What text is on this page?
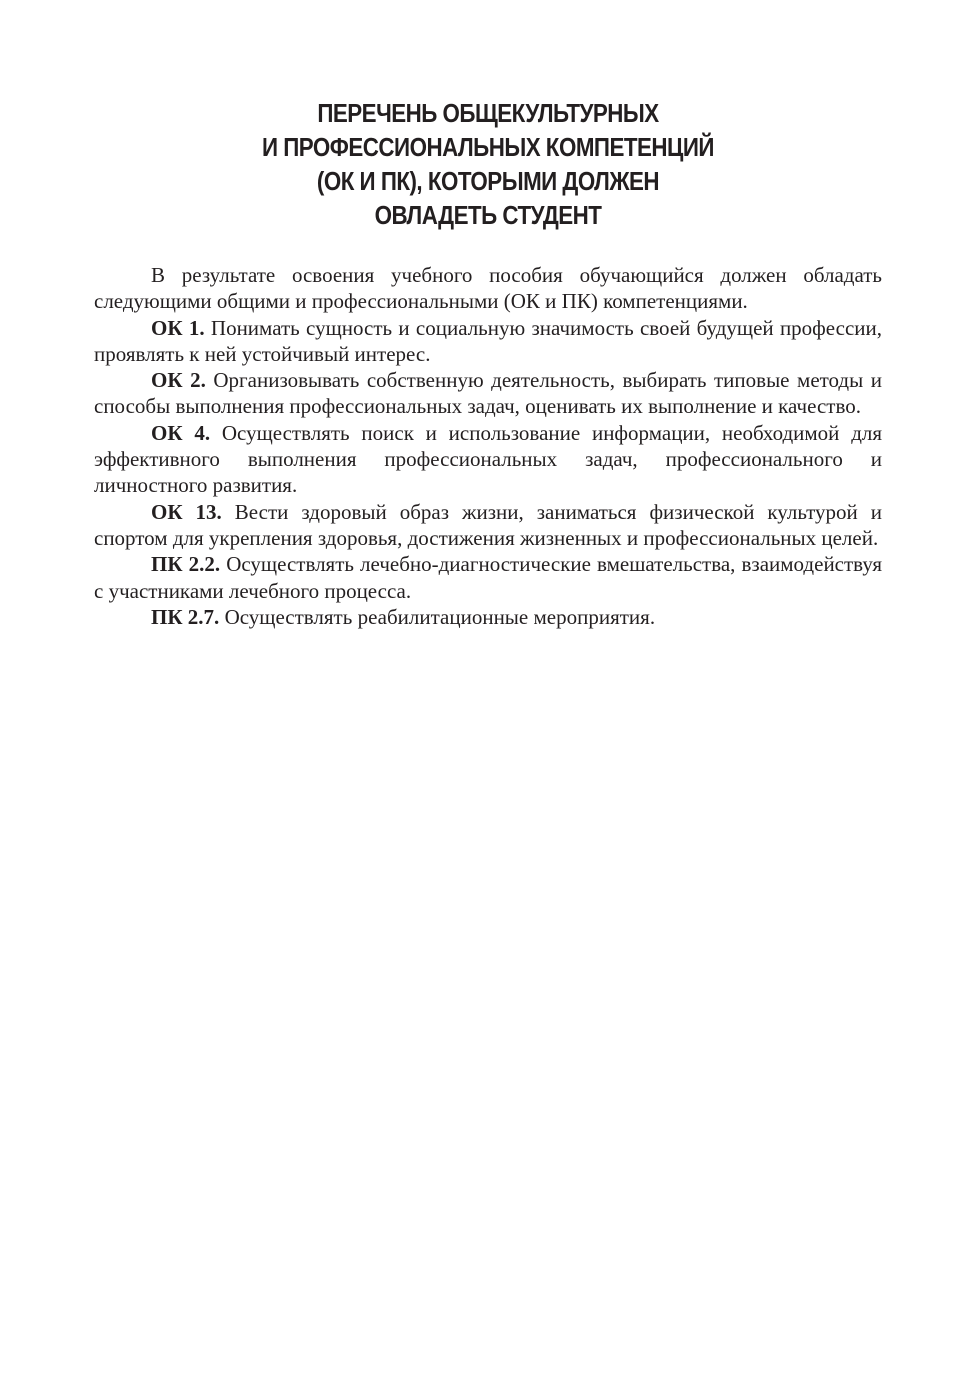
ПЕРЕЧЕНЬ ОБЩЕКУЛЬТУРНЫХ
И ПРОФЕССИОНАЛЬНЫХ КОМПЕТЕНЦИЙ
(ОК И ПК), КОТОРЫМИ ДОЛЖЕН
ОВЛАДЕТЬ СТУДЕНТ

В результате освоения учебного пособия обучающийся должен обладать следующими общими и профессиональными (ОК и ПК) компетенциями.

ОК 1. Понимать сущность и социальную значимость своей будущей профессии, проявлять к ней устойчивый интерес.

ОК 2. Организовывать собственную деятельность, выбирать типовые методы и способы выполнения профессиональных задач, оценивать их выполнение и качество.

ОК 4. Осуществлять поиск и использование информации, необходимой для эффективного выполнения профессиональных задач, профессионального и личностного развития.

ОК 13. Вести здоровый образ жизни, заниматься физической культурой и спортом для укрепления здоровья, достижения жизненных и профессиональных целей.

ПК 2.2. Осуществлять лечебно-диагностические вмешательства, взаимодействуя с участниками лечебного процесса.

ПК 2.7. Осуществлять реабилитационные мероприятия.
